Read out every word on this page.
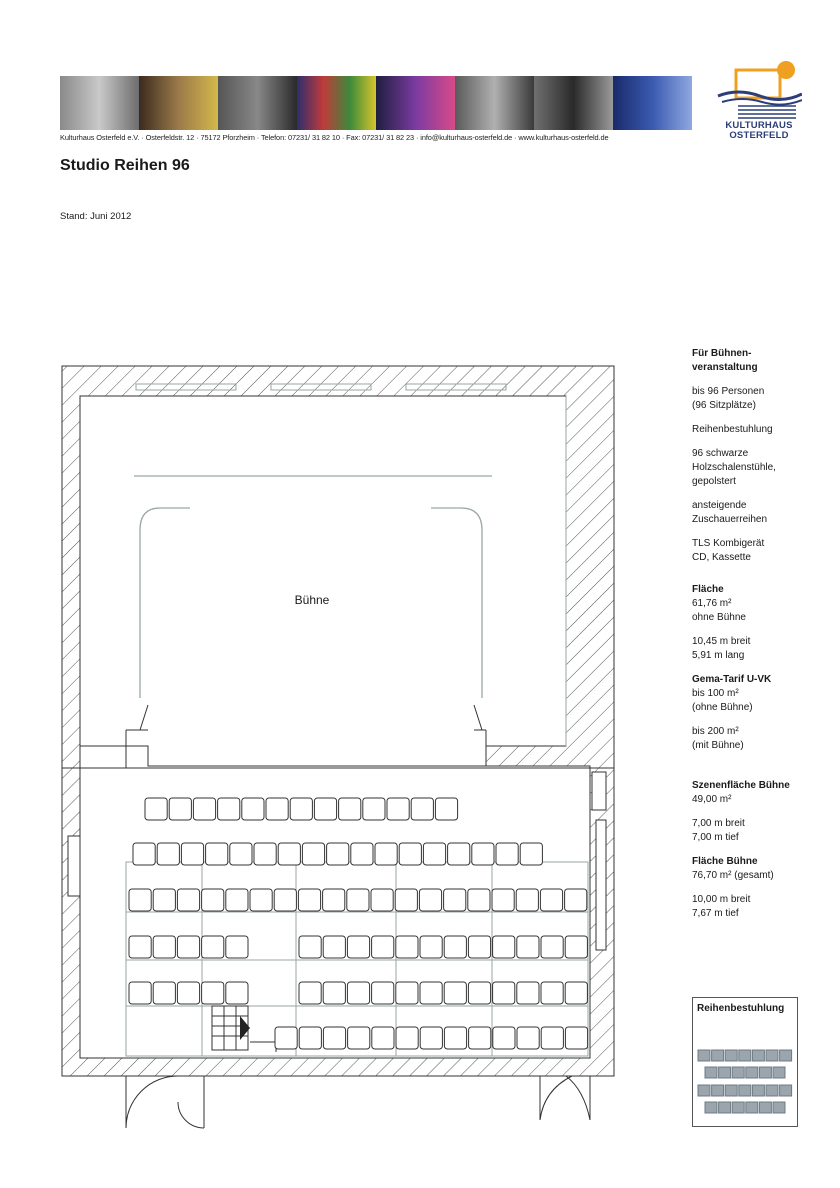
Kulturhaus Osterfeld e.V. · Osterfeldstr. 12 · 75172 Pforzheim · Telefon: 07231/ 31 82 10 · Fax: 07231/ 31 82 23 · info@kulturhaus-osterfeld.de · www.kulturhaus-osterfeld.de
KULTURHAUS
OSTERFELD
Studio Reihen 96
Stand: Juni 2012
Bühne
Für Bühnen-
veranstaltung
bis 96 Personen
(96 Sitzplätze)
Reihenbestuhlung
96 schwarze
Holzschalenstühle,
gepolstert
ansteigende
Zuschauerreihen
TLS Kombigerät
CD, Kassette
Fläche
61,76 m²
ohne Bühne
10,45 m breit
5,91 m lang
Gema-Tarif U-VK
bis 100 m²
(ohne Bühne)
bis 200 m²
(mit Bühne)
Szenenfläche Bühne
49,00 m²
7,00 m breit
7,00 m tief
Fläche Bühne
76,70 m² (gesamt)
10,00 m breit
7,67 m tief
Reihenbestuhlung
